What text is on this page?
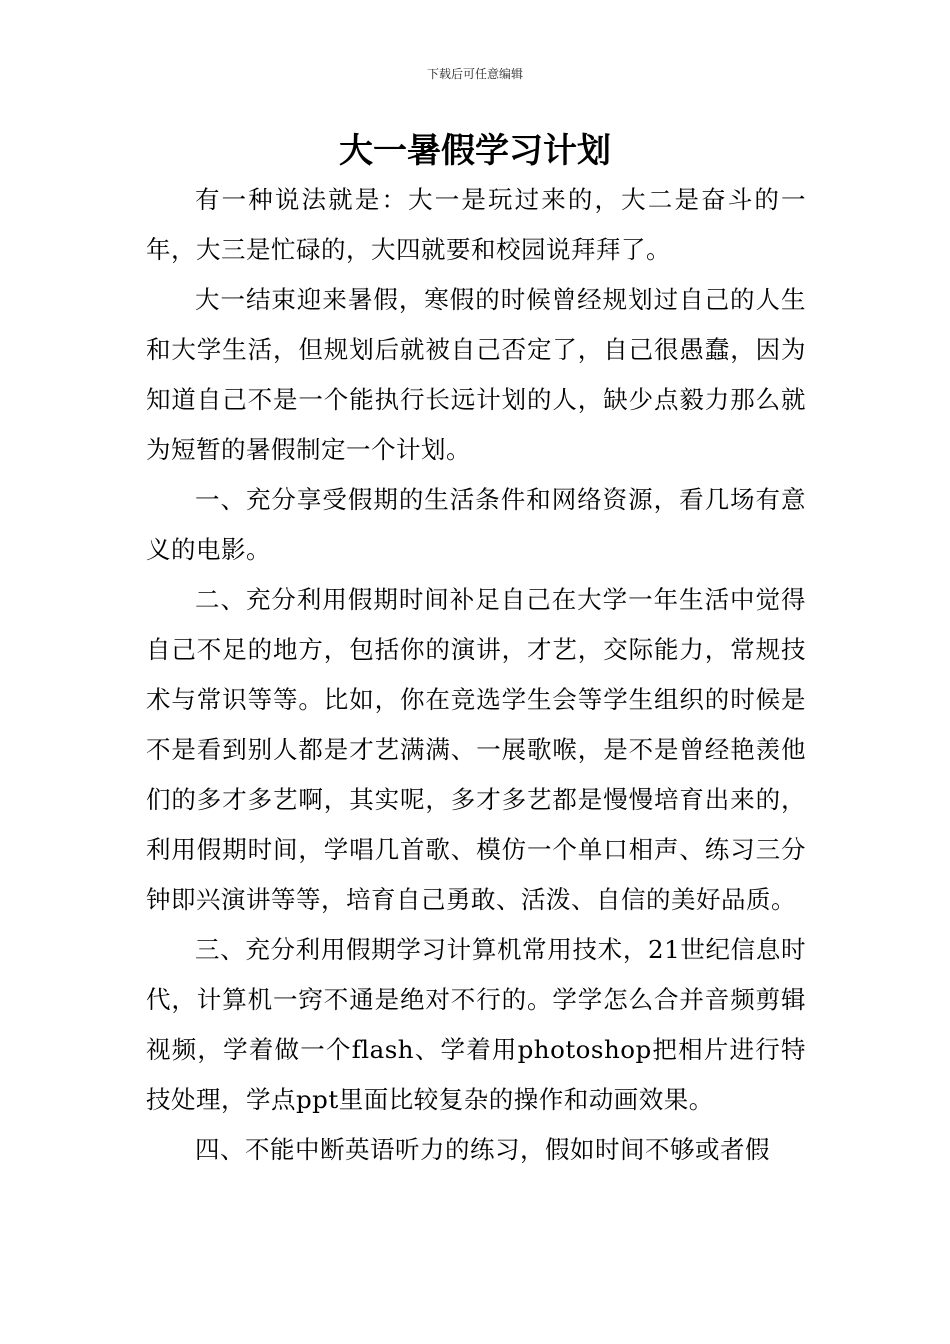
下载后可任意编辑
大一暑假学习计划

有一种说法就是：大一是玩过来的，大二是奋斗的一年，大三是忙碌的，大四就要和校园说拜拜了。

大一结束迎来暑假，寒假的时候曾经规划过自己的人生和大学生活，但规划后就被自己否定了，自己很愚蠢，因为知道自己不是一个能执行长远计划的人，缺少点毅力那么就为短暂的暑假制定一个计划。

一、充分享受假期的生活条件和网络资源，看几场有意义的电影。

二、充分利用假期时间补足自己在大学一年生活中觉得自己不足的地方，包括你的演讲，才艺，交际能力，常规技术与常识等等。比如，你在竞选学生会等学生组织的时候是不是看到别人都是才艺满满、一展歌喉，是不是曾经艳羡他们的多才多艺啊，其实呢，多才多艺都是慢慢培育出来的，利用假期时间，学唱几首歌、模仿一个单口相声、练习三分钟即兴演讲等等，培育自己勇敢、活泼、自信的美好品质。

三、充分利用假期学习计算机常用技术，21世纪信息时代，计算机一窍不通是绝对不行的。学学怎么合并音频剪辑视频，学着做一个flash、学着用photoshop把相片进行特技处理，学点ppt里面比较复杂的操作和动画效果。

四、不能中断英语听力的练习，假如时间不够或者假
